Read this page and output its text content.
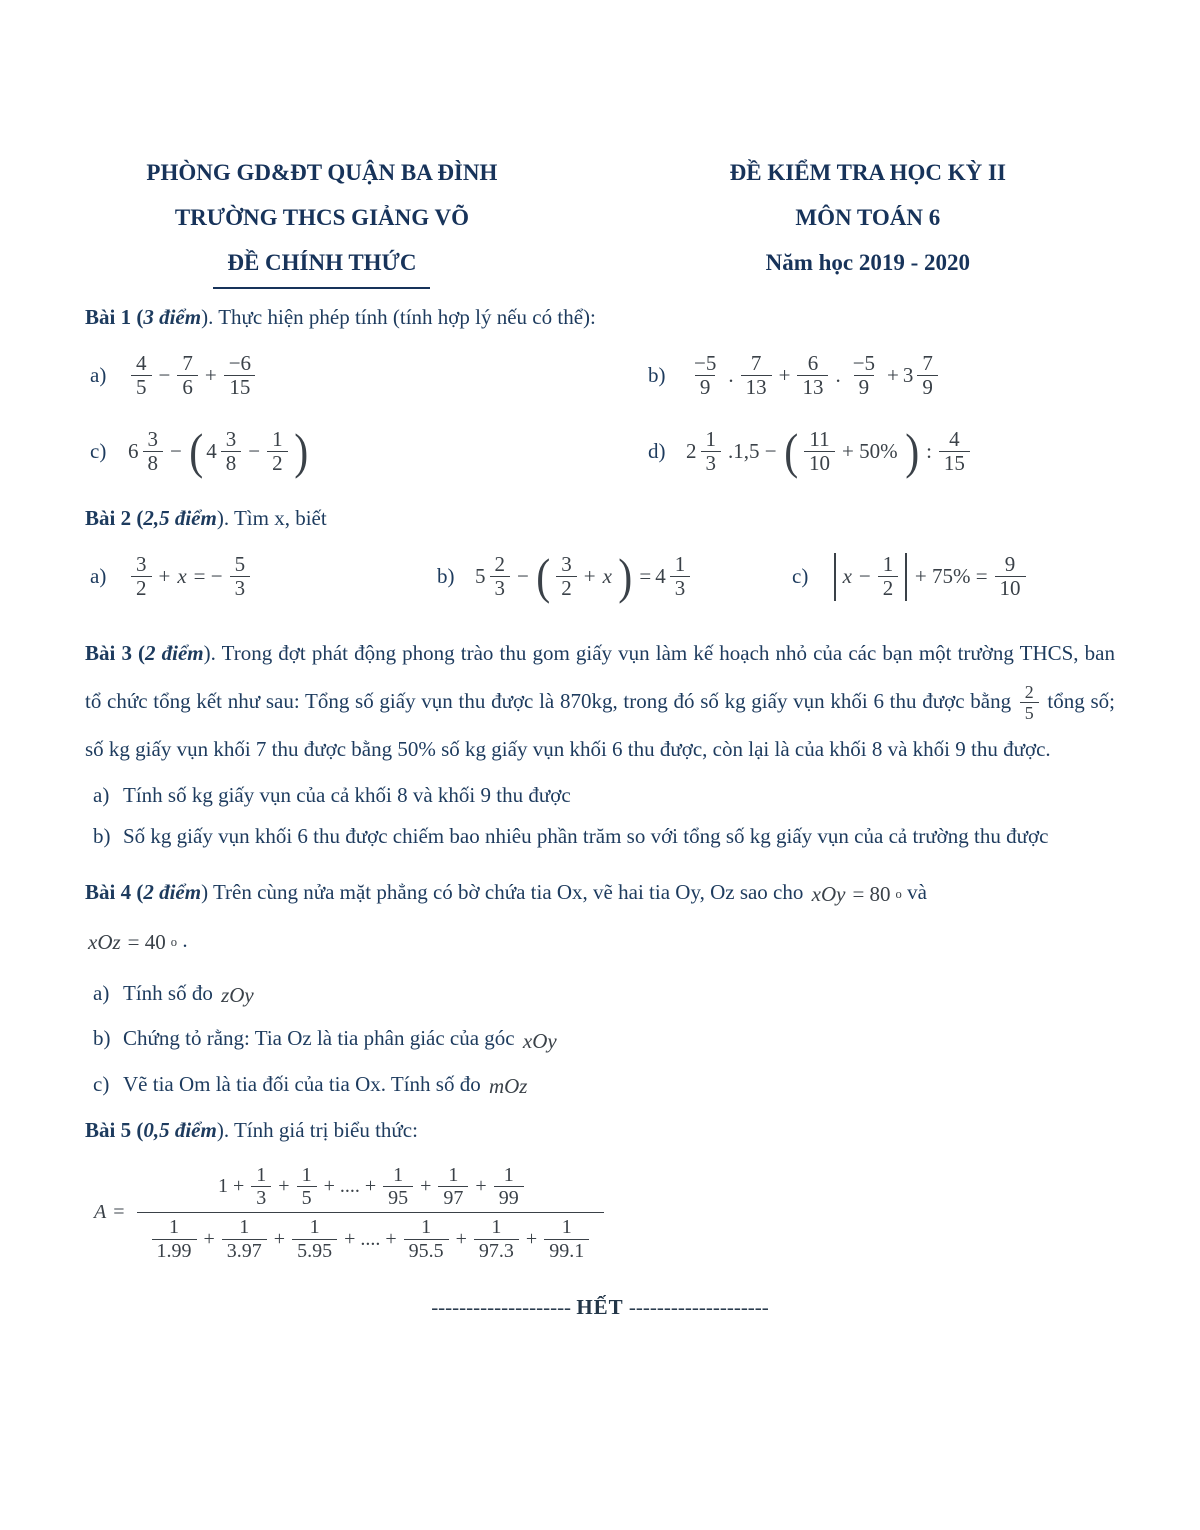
PHÒNG GD&ĐT QUẬN BA ĐÌNH
TRƯỜNG THCS GIẢNG VÕ
ĐỀ CHÍNH THỨC
ĐỀ KIỂM TRA HỌC KỲ II
MÔN TOÁN 6
Năm học 2019 - 2020

Bài 1 (3 điểm). Thực hiện phép tính (tính hợp lý nếu có thể):

a)	$\frac{4}{5} - \frac{7}{6} + \frac{-6}{15}$	b)	$\frac{-5}{9}$ . $\frac{7}{13} + \frac{6}{13}$ . $\frac{-5}{9} + 3 \frac{7}{9}$
c)	$6 \frac{3}{8}$ − ( $4 \frac{3}{8} - \frac{1}{2}$ )	d) $2 \frac{1}{3} .1,5$ − ( $\frac{11}{10} + 50\%$ ) : $\frac{4}{15}$

Bài 2 (2,5 điểm). Tìm x, biết

a)	$\frac{3}{2} + x$ = − $\frac{5}{3}$	b) $5 \frac{2}{3}$ − ( $\frac{3}{2} + x$ ) = $4 \frac{1}{3}$	c)	$x - \frac{1}{2} + 75\% = \frac{9}{10}$

Bài 3 (2 điểm). Trong đợt phát động phong trào thu gom giấy vụn làm kế hoạch nhỏ của các bạn một trường THCS, ban tổ chức tổng kết như sau: Tổng số giấy vụn thu được là 870kg, trong đó số kg giấy vụn khối 6 thu được bằng $\frac{2}{5}$ tổng số; số kg giấy vụn khối 7 thu được bằng 50% số kg giấy vụn khối 6 thu được, còn lại là của khối 8 và khối 9 thu được.

a) Tính số kg giấy vụn của cả khối 8 và khối 9 thu được
b) Số kg giấy vụn khối 6 thu được chiếm bao nhiêu phần trăm so với tổng số kg giấy vụn của cả trường thu được

Bài 4 (2 điểm) Trên cùng nửa mặt phẳng có bờ chứa tia Ox, vẽ hai tia Oy, Oz sao cho xOy = 80 o và

xOz = 40 o .

a) Tính số đo zOy
b) Chứng tỏ rằng: Tia Oz là tia phân giác của góc xOy
c) Vẽ tia Om là tia đối của tia Ox. Tính số đo mOz

Bài 5 (0,5 điểm). Tính giá trị biểu thức:

$A = \frac{1 + \frac{1}{3} + \frac{1}{5} + .... + \frac{1}{95} + \frac{1}{97} + \frac{1}{99}}{\frac{1}{1.99} + \frac{1}{3.97} + \frac{1}{5.95} + .... + \frac{1}{95.5} + \frac{1}{97.3} + \frac{1}{99.1}}$

-------------------- HẾT --------------------
